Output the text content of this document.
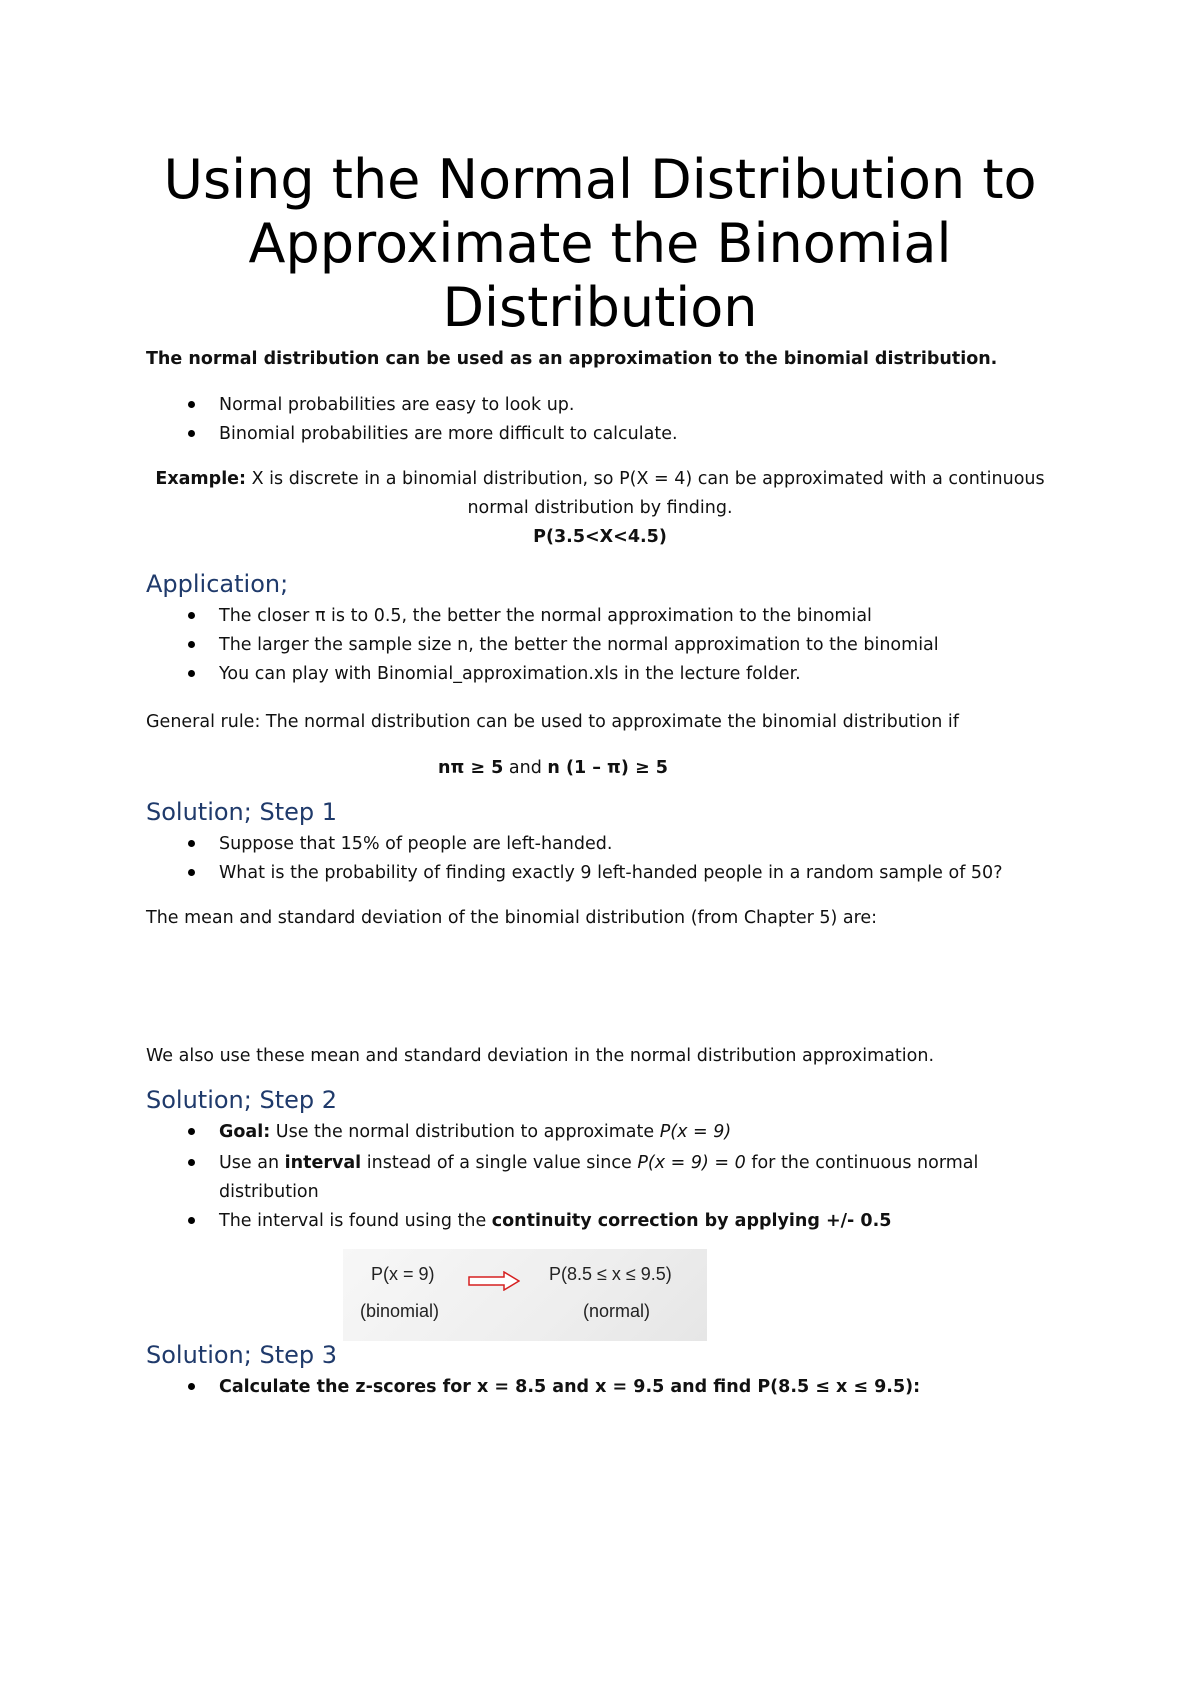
Using the Normal Distribution to Approximate the Binomial Distribution
The normal distribution can be used as an approximation to the binomial distribution.
Normal probabilities are easy to look up.
Binomial probabilities are more difficult to calculate.
Example: X is discrete in a binomial distribution, so P(X = 4) can be approximated with a continuous
normal distribution by finding.
P(3.5<X<4.5)
Application;
The closer π is to 0.5, the better the normal approximation to the binomial
The larger the sample size n, the better the normal approximation to the binomial
You can play with Binomial_approximation.xls in the lecture folder.
General rule: The normal distribution can be used to approximate the binomial distribution if
nπ ≥ 5 and n (1 – π) ≥ 5
Solution; Step 1
Suppose that 15% of people are left-handed.
What is the probability of finding exactly 9 left-handed people in a random sample of 50?
The mean and standard deviation of the binomial distribution (from Chapter 5) are:
We also use these mean and standard deviation in the normal distribution approximation.
Solution; Step 2
Goal: Use the normal distribution to approximate P(x = 9)
Use an interval instead of a single value since P(x = 9) = 0 for the continuous normal
distribution
The interval is found using the continuity correction by applying +/- 0.5
P(x = 9)
(binomial)
P(8.5 ≤ x ≤ 9.5)
(normal)
Solution; Step 3
Calculate the z-scores for x = 8.5 and x = 9.5 and find P(8.5 ≤ x ≤ 9.5):
